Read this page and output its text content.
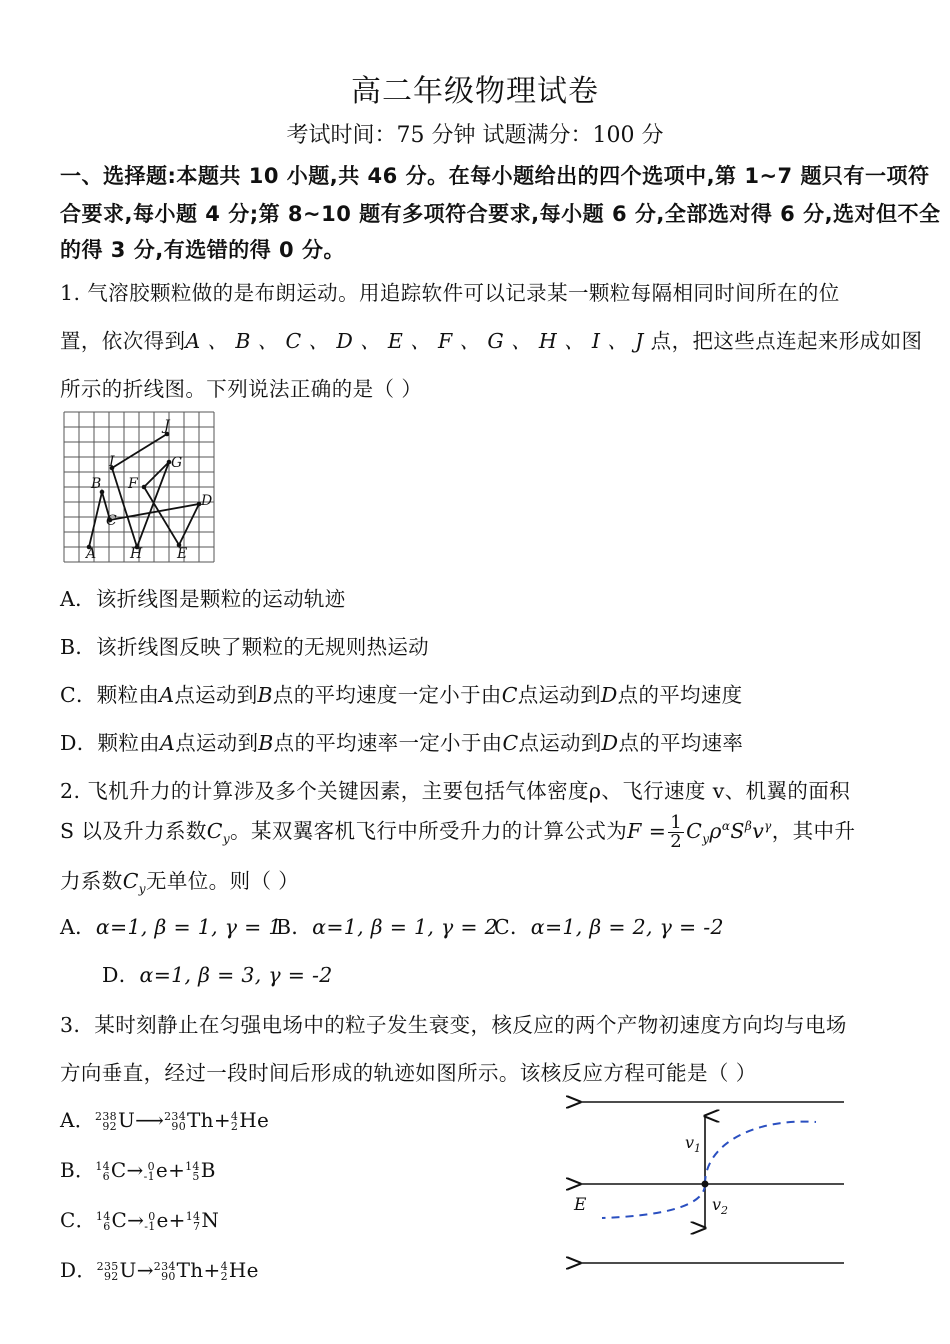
高二年级物理试卷
考试时间：75 分钟 试题满分：100 分
一、选择题:本题共 10 小题,共 46 分。在每小题给出的四个选项中,第 1~7 题只有一项符
合要求,每小题 4 分;第 8~10 题有多项符合要求,每小题 6 分,全部选对得 6 分,选对但不全
的得 3 分,有选错的得 0 分。
1. 气溶胶颗粒做的是布朗运动。用追踪软件可以记录某一颗粒每隔相同时间所在的位
置，依次得到A 、 B 、 C 、 D 、 E 、 F 、 G 、 H 、 I 、 J 点，把这些点连起来形成如图
所示的折线图。下列说法正确的是（ ）
A
B
C
D
E
F
G
H
I
J
A．该折线图是颗粒的运动轨迹
B．该折线图反映了颗粒的无规则热运动
C．颗粒由A点运动到B点的平均速度一定小于由C点运动到D点的平均速度
D．颗粒由A点运动到B点的平均速率一定小于由C点运动到D点的平均速率
2. 飞机升力的计算涉及多个关键因素，主要包括气体密度ρ、飞行速度 v、机翼的面积
S 以及升力系数$C_y$。某双翼客机飞行中所受升力的计算公式为$F = \frac{1}{2} C_y\rho^\alpha S^\beta v^\gamma$，其中升
力系数$C_y$无单位。则（ ）
A．α=1, β = 1, γ = 1
B．α=1, β = 1, γ = 2
C．α=1, β = 2, γ = -2
D．α=1, β = 3, γ = -2
3．某时刻静止在匀强电场中的粒子发生衰变，核反应的两个产物初速度方向均与电场
方向垂直，经过一段时间后形成的轨迹如图所示。该核反应方程可能是（ ）
A． 238
92 U⟶ 234
90 Th+ 4
2 He
B． 14
6 C→ 0
-1 e+ 14
5 B
C． 14
6 C→ 0
-1 e+ 14
7 N
D． 235
92 U→ 234
90 Th+ 4
2 He
E
$v_1$
$v_2$
